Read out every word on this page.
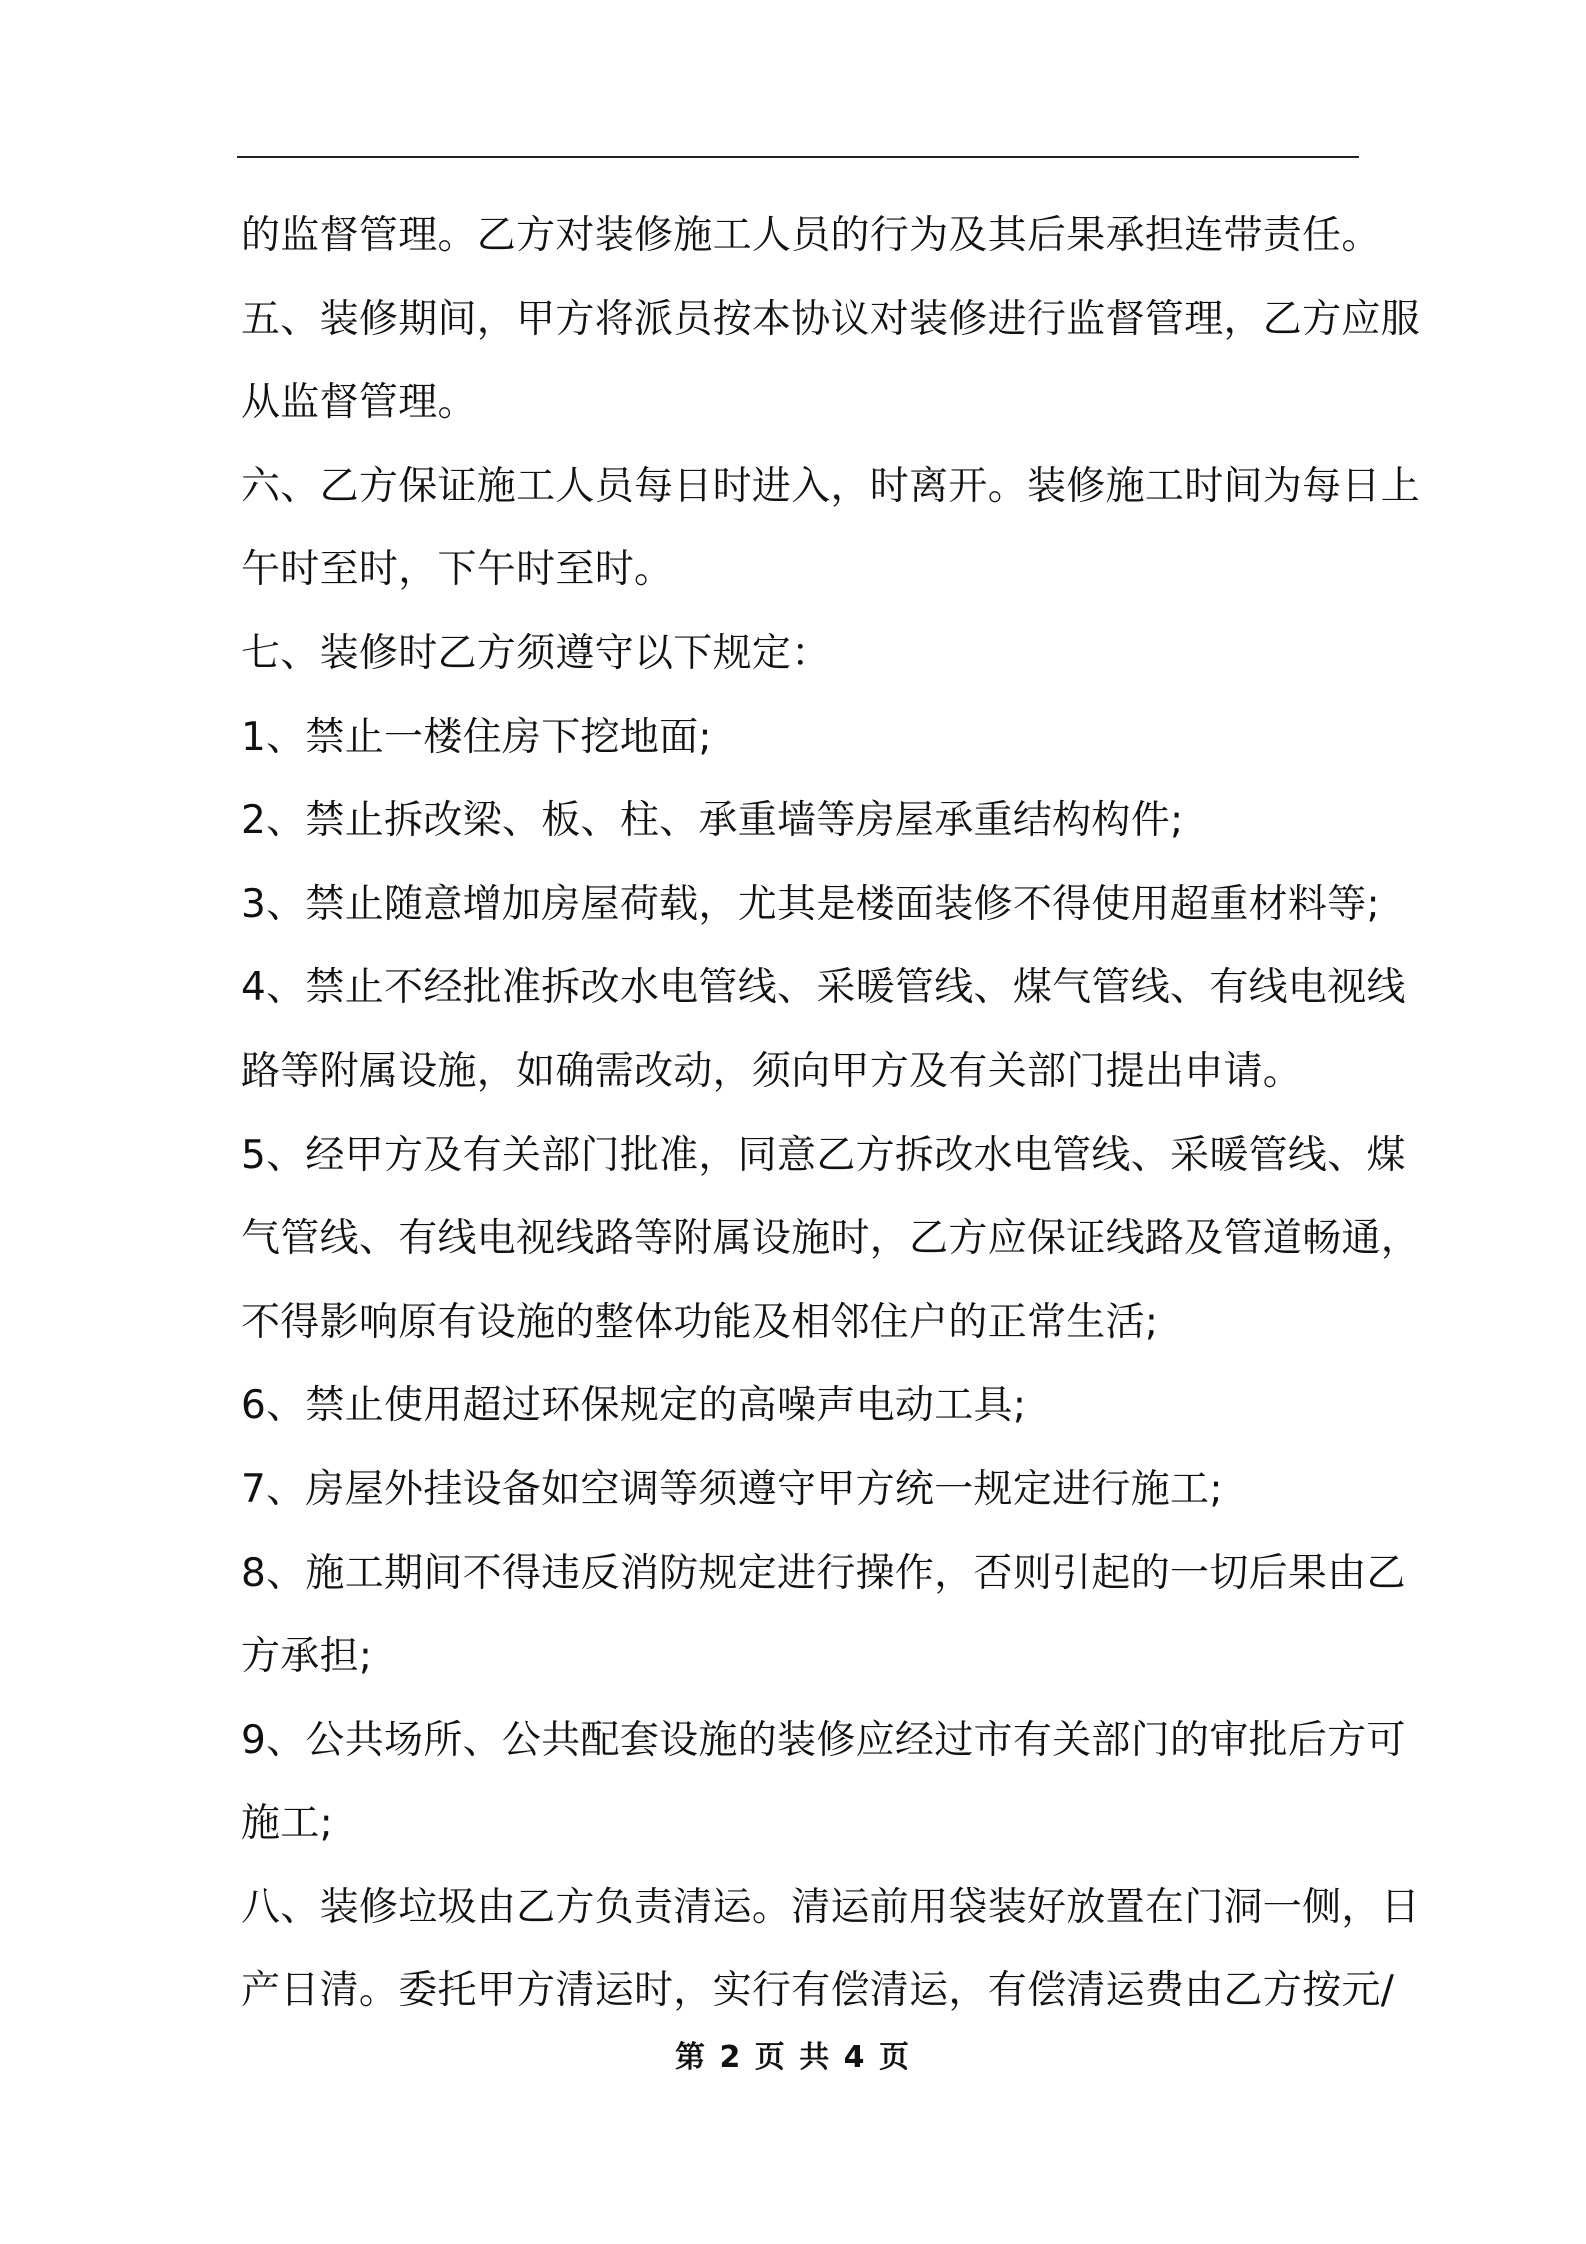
的监督管理。乙方对装修施工人员的行为及其后果承担连带责任。
五、装修期间，甲方将派员按本协议对装修进行监督管理，乙方应服
从监督管理。
六、乙方保证施工人员每日时进入，时离开。装修施工时间为每日上
午时至时，下午时至时。
七、装修时乙方须遵守以下规定：
1、禁止一楼住房下挖地面;
2、禁止拆改梁、板、柱、承重墙等房屋承重结构构件;
3、禁止随意增加房屋荷载，尤其是楼面装修不得使用超重材料等;
4、禁止不经批准拆改水电管线、采暖管线、煤气管线、有线电视线
路等附属设施，如确需改动，须向甲方及有关部门提出申请。
5、经甲方及有关部门批准，同意乙方拆改水电管线、采暖管线、煤
气管线、有线电视线路等附属设施时，乙方应保证线路及管道畅通，
不得影响原有设施的整体功能及相邻住户的正常生活;
6、禁止使用超过环保规定的高噪声电动工具;
7、房屋外挂设备如空调等须遵守甲方统一规定进行施工;
8、施工期间不得违反消防规定进行操作，否则引起的一切后果由乙
方承担;
9、公共场所、公共配套设施的装修应经过市有关部门的审批后方可
施工;
八、装修垃圾由乙方负责清运。清运前用袋装好放置在门洞一侧，日
产日清。委托甲方清运时，实行有偿清运，有偿清运费由乙方按元/
第 2 页 共 4 页
